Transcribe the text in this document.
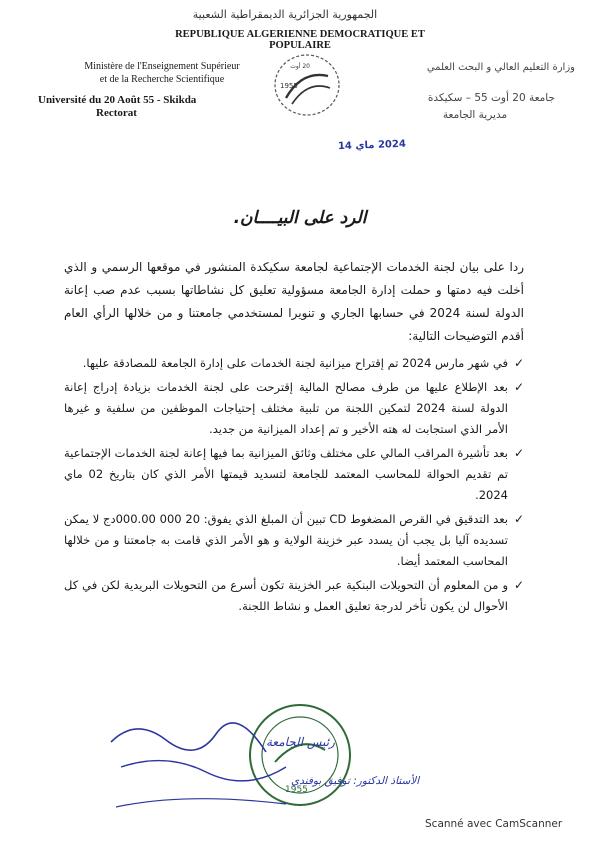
الجمهورية الجزائرية الديمقراطية الشعبية
REPUBLIQUE ALGERIENNE DEMOCRATIQUE ET POPULAIRE
Ministère de l'Enseignement Supérieur
et de la Recherche Scientifique
Université du 20 Août 55 - Skikda
Rectorat
وزارة التعليم العالي و البحث العلمي
جامعة 20 أوت 55 – سكيكدة
مديرية الجامعة
1955
20 أوت
2024 ماي 14
الرد على البيــــان.

ردا على بيان لجنة الخدمات الإجتماعية لجامعة سكيكدة المنشور في موقعها الرسمي و الذي أخلت فيه دمتها و حملت إدارة الجامعة مسؤولية تعليق كل نشاطاتها بسبب عدم صب إعانة الدولة لسنة 2024 في حسابها الجاري و تنويرا لمستخدمي جامعتنا و من خلالها الرأي العام أقدم التوضيحات التالية:

✓
في شهر مارس 2024 تم إقتراح ميزانية لجنة الخدمات على إدارة الجامعة للمصادقة عليها.
✓
بعد الإطلاع عليها من طرف مصالح المالية إقترحت على لجنة الخدمات بزيادة إدراج إعانة الدولة لسنة 2024 لتمكين اللجنة من تلبية مختلف إحتياجات الموظفين من سلفية و غيرها الأمر الذي استجابت له هته الأخير و تم إعداد الميزانية من جديد.
✓
بعد تأشيرة المراقب المالي على مختلف وثائق الميزانية بما فيها إعانة لجنة الخدمات الإجتماعية تم تقديم الحوالة للمحاسب المعتمد للجامعة لتسديد قيمتها الأمر الذي كان بتاريخ 02 ماي 2024.
✓
بعد التدقيق في القرص المضغوط CD تبين أن المبلغ الذي يفوق: 20 000 000.00دج لا يمكن تسديده آليا بل يجب أن يسدد عبر خزينة الولاية و هو الأمر الذي قامت به جامعتنا و من خلالها المحاسب المعتمد أيضا.
✓
و من المعلوم أن التحويلات البنكية عبر الخزينة تكون أسرع من التحويلات البريدية لكن في كل الأحوال لن يكون تأخر لدرجة تعليق العمل و نشاط اللجنة.
1955
رئيس الجامعة
الأستاذ الدكتور: توفيق بوفندي
Scanné avec CamScanner
